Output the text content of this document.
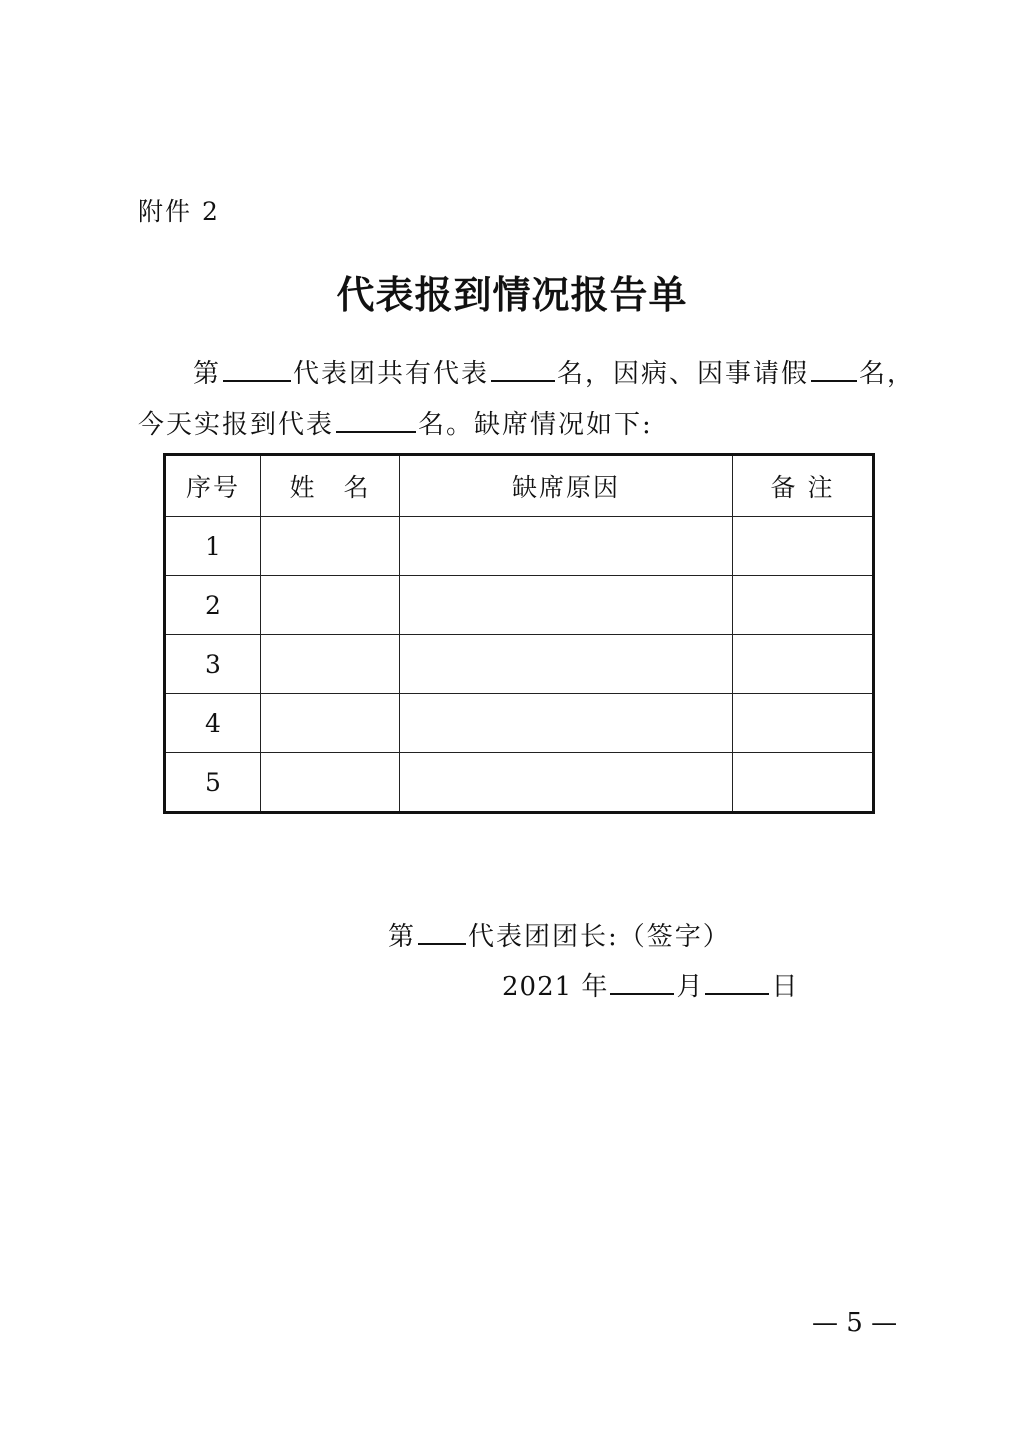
附件 2
代表报到情况报告单
第	代表团共有代表	名，因病、因事请假 名，
今天实报到代表	名。缺席情况如下:
序号	姓　名	缺席原因	备 注
1			
2			
3			
4			
5			
第 代表团团长:（签字）
2021 年	月	日
— 5 —
